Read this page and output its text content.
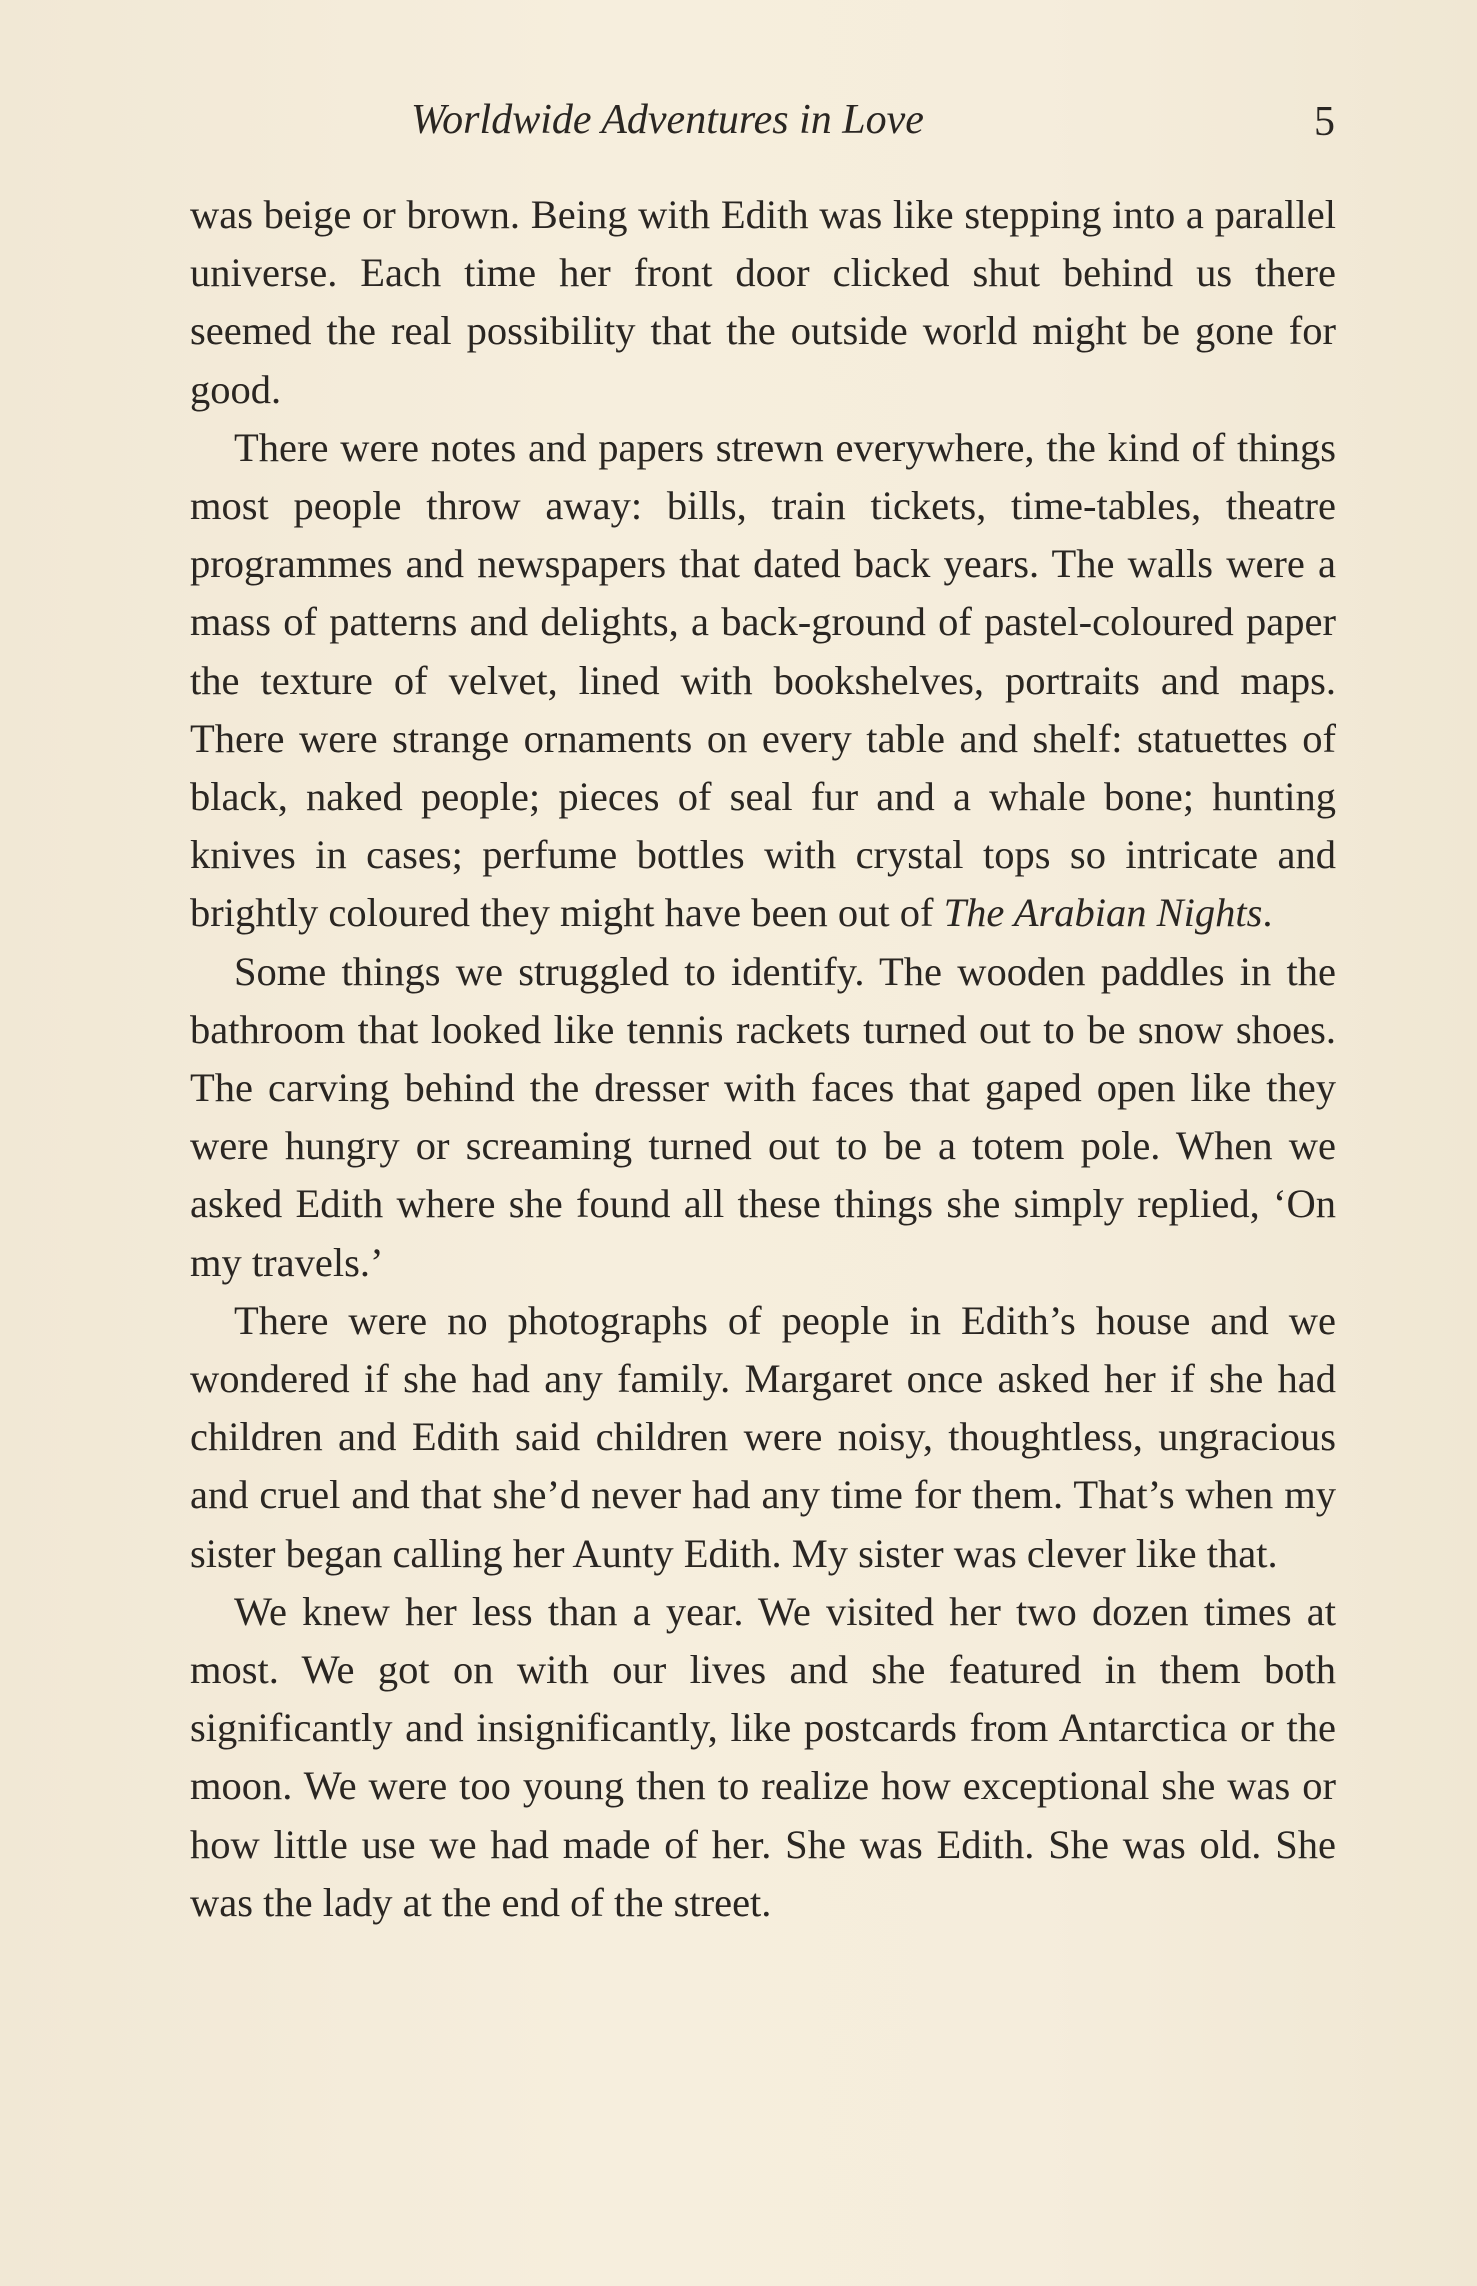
Worldwide Adventures in Love	5

was beige or brown. Being with Edith was like stepping into a parallel universe. Each time her front door clicked shut behind us there seemed the real possibility that the outside world might be gone for good.

There were notes and papers strewn everywhere, the kind of things most people throw away: bills, train tickets, time-tables, theatre programmes and newspapers that dated back years. The walls were a mass of patterns and delights, a back-ground of pastel-coloured paper the texture of velvet, lined with bookshelves, portraits and maps. There were strange ornaments on every table and shelf: statuettes of black, naked people; pieces of seal fur and a whale bone; hunting knives in cases; perfume bottles with crystal tops so intricate and brightly coloured they might have been out of The Arabian Nights.

Some things we struggled to identify. The wooden paddles in the bathroom that looked like tennis rackets turned out to be snow shoes. The carving behind the dresser with faces that gaped open like they were hungry or screaming turned out to be a totem pole. When we asked Edith where she found all these things she simply replied, ‘On my travels.’

There were no photographs of people in Edith’s house and we wondered if she had any family. Margaret once asked her if she had children and Edith said children were noisy, thoughtless, ungracious and cruel and that she’d never had any time for them. That’s when my sister began calling her Aunty Edith. My sister was clever like that.

We knew her less than a year. We visited her two dozen times at most. We got on with our lives and she featured in them both significantly and insignificantly, like postcards from Antarctica or the moon. We were too young then to realize how exceptional she was or how little use we had made of her. She was Edith. She was old. She was the lady at the end of the street.
